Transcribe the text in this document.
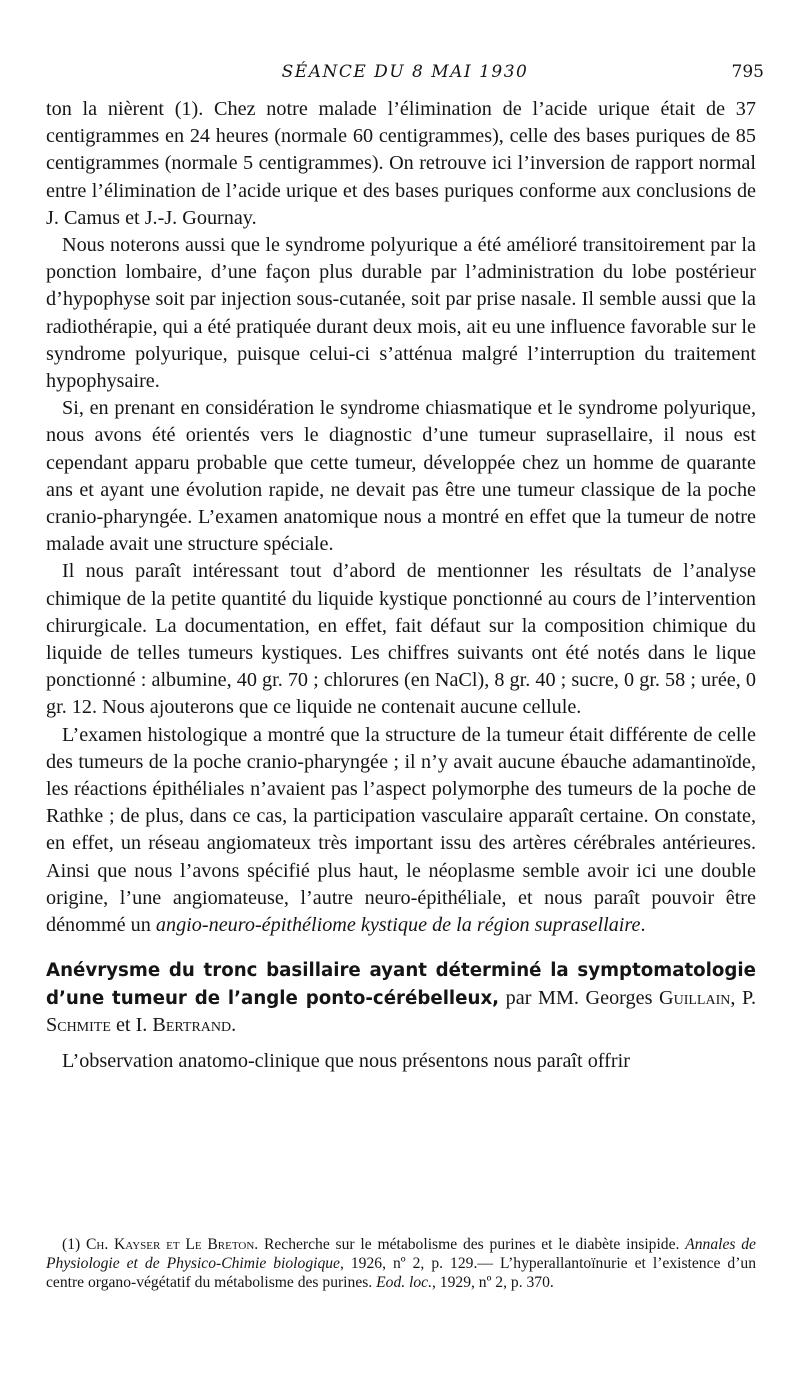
SÉANCE DU 8 MAI 1930	795

ton la nièrent (1). Chez notre malade l’élimination de l’acide urique était de 37 centigrammes en 24 heures (normale 60 centigrammes), celle des bases puriques de 85 centigrammes (normale 5 centigrammes). On retrouve ici l’inversion de rapport normal entre l’élimination de l’acide urique et des bases puriques conforme aux conclusions de J. Camus et J.-J. Gournay.

Nous noterons aussi que le syndrome polyurique a été amélioré transitoirement par la ponction lombaire, d’une façon plus durable par l’administration du lobe postérieur d’hypophyse soit par injection sous-cutanée, soit par prise nasale. Il semble aussi que la radiothérapie, qui a été pratiquée durant deux mois, ait eu une influence favorable sur le syndrome polyurique, puisque celui-ci s’atténua malgré l’interruption du traitement hypophysaire.

Si, en prenant en considération le syndrome chiasmatique et le syndrome polyurique, nous avons été orientés vers le diagnostic d’une tumeur suprasellaire, il nous est cependant apparu probable que cette tumeur, développée chez un homme de quarante ans et ayant une évolution rapide, ne devait pas être une tumeur classique de la poche cranio-pharyngée. L’examen anatomique nous a montré en effet que la tumeur de notre malade avait une structure spéciale.

Il nous paraît intéressant tout d’abord de mentionner les résultats de l’analyse chimique de la petite quantité du liquide kystique ponctionné au cours de l’intervention chirurgicale. La documentation, en effet, fait défaut sur la composition chimique du liquide de telles tumeurs kystiques. Les chiffres suivants ont été notés dans le lique ponctionné : albumine, 40 gr. 70 ; chlorures (en NaCl), 8 gr. 40 ; sucre, 0 gr. 58 ; urée, 0 gr. 12. Nous ajouterons que ce liquide ne contenait aucune cellule.

L’examen histologique a montré que la structure de la tumeur était différente de celle des tumeurs de la poche cranio-pharyngée ; il n’y avait aucune ébauche adamantinoïde, les réactions épithéliales n’avaient pas l’aspect polymorphe des tumeurs de la poche de Rathke ; de plus, dans ce cas, la participation vasculaire apparaît certaine. On constate, en effet, un réseau angiomateux très important issu des artères cérébrales antérieures. Ainsi que nous l’avons spécifié plus haut, le néoplasme semble avoir ici une double origine, l’une angiomateuse, l’autre neuro-épithéliale, et nous paraît pouvoir être dénommé un angio-neuro-épithéliome kystique de la région suprasellaire.

Anévrysme du tronc basillaire ayant déterminé la symptomatologie d’une tumeur de l’angle ponto-cérébelleux, par MM. Georges Guillain, P. Schmite et I. Bertrand.

L’observation anatomo-clinique que nous présentons nous paraît offrir

(1) Ch. Kayser et Le Breton. Recherche sur le métabolisme des purines et le diabète insipide. Annales de Physiologie et de Physico-Chimie biologique, 1926, nº 2, p. 129.— L’hyperallantoïnurie et l’existence d’un centre organo-végétatif du métabolisme des purines. Eod. loc., 1929, nº 2, p. 370.
